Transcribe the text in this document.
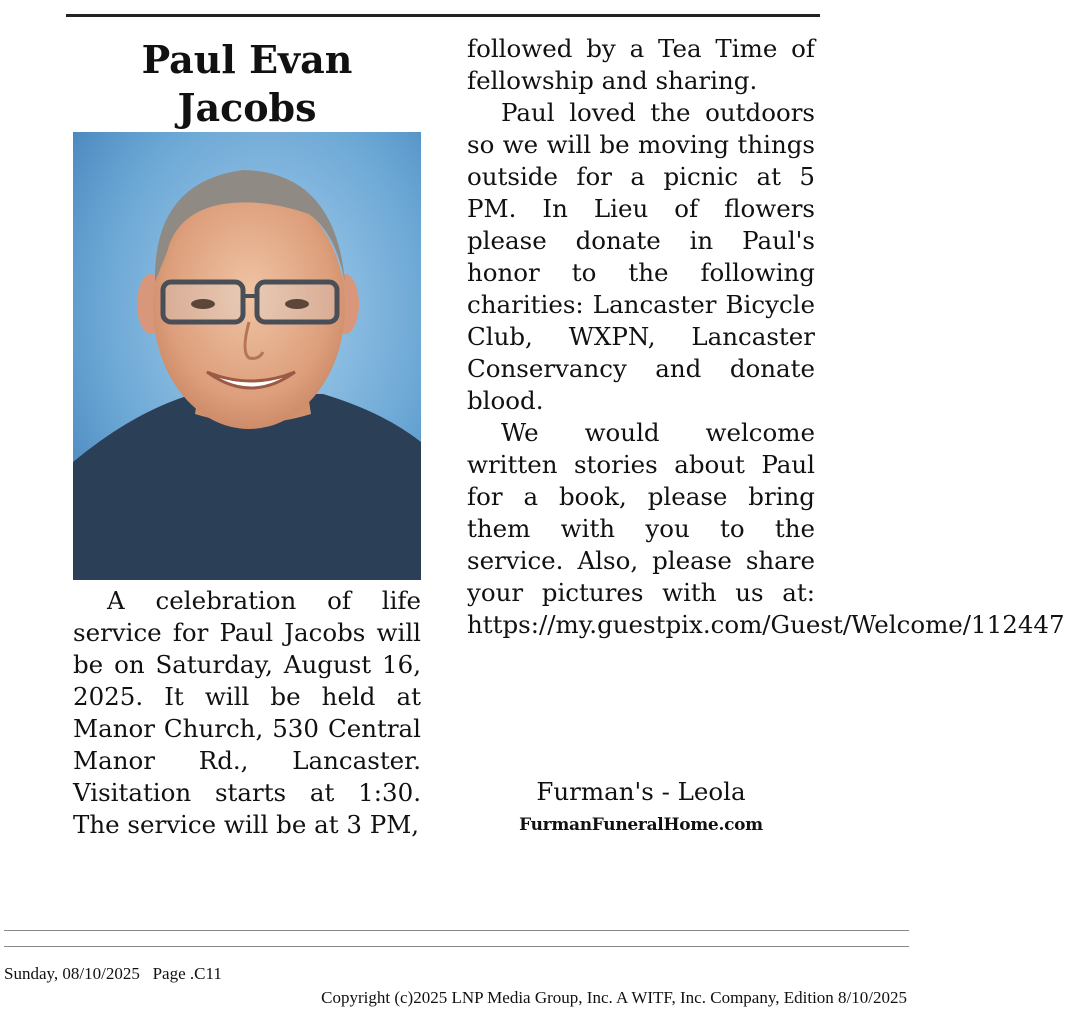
Paul Evan
Jacobs

A celebration of life service for Paul Jacobs will be on Saturday, August 16, 2025. It will be held at Manor Church, 530 Central Manor Rd., Lancaster. Visitation starts at 1:30. The service will be at 3 PM,

followed by a Tea Time of fellowship and sharing.

Paul loved the outdoors so we will be moving things outside for a picnic at 5 PM. In Lieu of flowers please donate in Paul's honor to the following charities: Lancaster Bicycle Club, WXPN, Lancaster Conservancy and donate blood.

We would welcome written stories about Paul for a book, please bring them with you to the service. Also, please share your pictures with us at: https://my.guestpix.com/Guest/Welcome/112447

Furman's - Leola
FurmanFuneralHome.com
Sunday, 08/10/2025   Page .C11
Copyright (c)2025 LNP Media Group, Inc. A WITF, Inc. Company, Edition 8/10/2025
